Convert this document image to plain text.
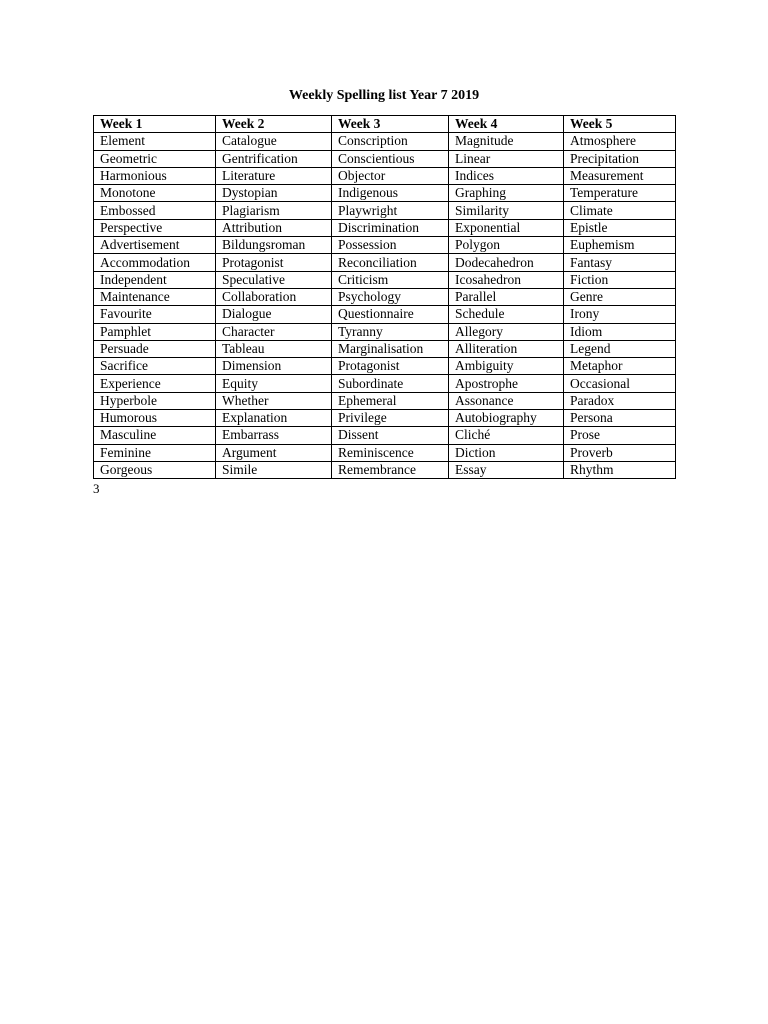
Weekly Spelling list Year 7 2019
Week 1	Week 2	Week 3	Week 4	Week 5
Element	Catalogue	Conscription	Magnitude	Atmosphere
Geometric	Gentrification	Conscientious	Linear	Precipitation
Harmonious	Literature	Objector	Indices	Measurement
Monotone	Dystopian	Indigenous	Graphing	Temperature
Embossed	Plagiarism	Playwright	Similarity	Climate
Perspective	Attribution	Discrimination	Exponential	Epistle
Advertisement	Bildungsroman	Possession	Polygon	Euphemism
Accommodation	Protagonist	Reconciliation	Dodecahedron	Fantasy
Independent	Speculative	Criticism	Icosahedron	Fiction
Maintenance	Collaboration	Psychology	Parallel	Genre
Favourite	Dialogue	Questionnaire	Schedule	Irony
Pamphlet	Character	Tyranny	Allegory	Idiom
Persuade	Tableau	Marginalisation	Alliteration	Legend
Sacrifice	Dimension	Protagonist	Ambiguity	Metaphor
Experience	Equity	Subordinate	Apostrophe	Occasional
Hyperbole	Whether	Ephemeral	Assonance	Paradox
Humorous	Explanation	Privilege	Autobiography	Persona
Masculine	Embarrass	Dissent	Cliché	Prose
Feminine	Argument	Reminiscence	Diction	Proverb
Gorgeous	Simile	Remembrance	Essay	Rhythm
3
